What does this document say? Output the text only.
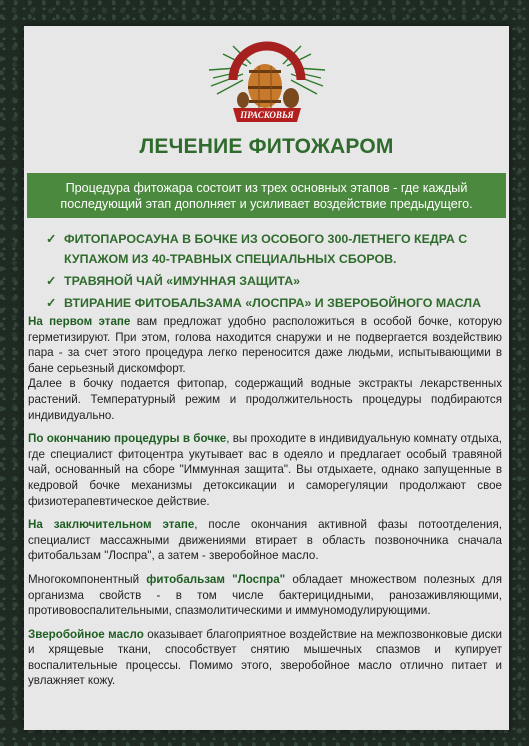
ПРАСКОВЬЯ
ЛЕЧЕНИЕ ФИТОЖАРОМ
Процедура фитожара состоит из трех основных этапов - где каждый последующий этап дополняет и усиливает воздействие предыдущего.
✓ ФИТОПАРОСАУНА В БОЧКЕ ИЗ ОСОБОГО 300-ЛЕТНЕГО КЕДРА С КУПАЖОМ ИЗ 40-ТРАВНЫХ СПЕЦИАЛЬНЫХ СБОРОВ.
✓ ТРАВЯНОЙ ЧАЙ «ИМУННАЯ ЗАЩИТА»
✓ ВТИРАНИЕ ФИТОБАЛЬЗАМА «ЛОСПРА» И ЗВЕРОБОЙНОГО МАСЛА

На первом этапе вам предложат удобно расположиться в особой бочке, которую герметизируют. При этом, голова находится снаружи и не подвергается воздействию пара - за счет этого процедура легко переносится даже людьми, испытывающими в бане серьезный дискомфорт.

Далее в бочку подается фитопар, содержащий водные экстракты лекарственных растений. Температурный режим и продолжительность процедуры подбираются индивидуально.

По окончанию процедуры в бочке, вы проходите в индивидуальную комнату отдыха, где специалист фитоцентра укутывает вас в одеяло и предлагает особый травяной чай, основанный на сборе "Иммунная защита". Вы отдыхаете, однако запущенные в кедровой бочке механизмы детоксикации и саморегуляции продолжают свое физиотерапевтическое действие.

На заключительном этапе, после окончания активной фазы потоотделения, специалист массажными движениями втирает в область позвоночника сначала фитобальзам "Лоспра", а затем - зверобойное масло.

Многокомпонентный фитобальзам "Лоспра" обладает множеством полезных для организма свойств - в том числе бактерицидными, ранозаживляющими, противовоспалительными, спазмолитическими и иммуномодулирующими.

Зверобойное масло оказывает благоприятное воздействие на межпозвонковые диски и хрящевые ткани, способствует снятию мышечных спазмов и купирует воспалительные процессы. Помимо этого, зверобойное масло отлично питает и увлажняет кожу.
